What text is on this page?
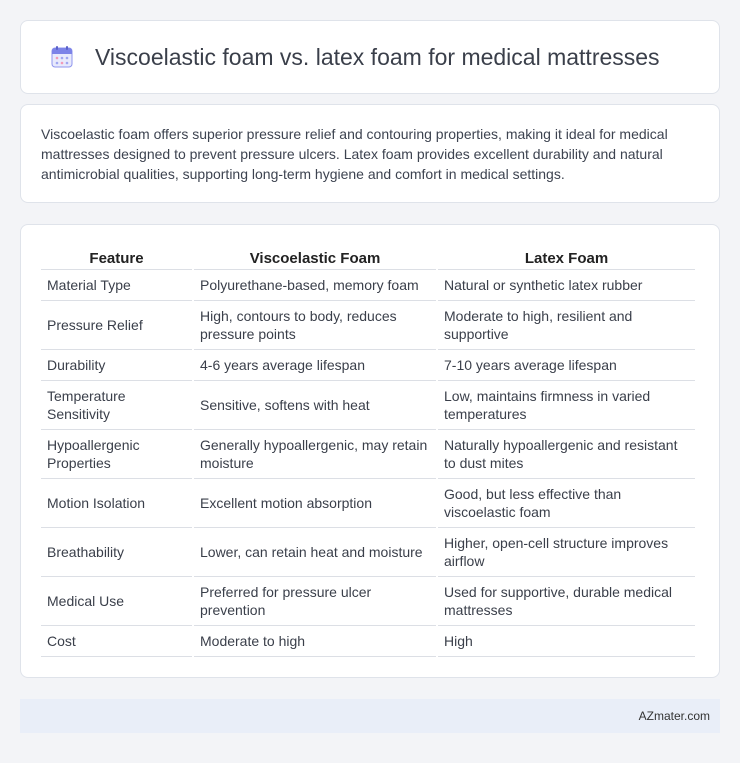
Viscoelastic foam vs. latex foam for medical mattresses

Viscoelastic foam offers superior pressure relief and contouring properties, making it ideal for medical mattresses designed to prevent pressure ulcers. Latex foam provides excellent durability and natural antimicrobial qualities, supporting long-term hygiene and comfort in medical settings.

Feature	Viscoelastic Foam	Latex Foam
Material Type	Polyurethane-based, memory foam	Natural or synthetic latex rubber
Pressure Relief	High, contours to body, reduces pressure points	Moderate to high, resilient and supportive
Durability	4-6 years average lifespan	7-10 years average lifespan
Temperature Sensitivity	Sensitive, softens with heat	Low, maintains firmness in varied temperatures
Hypoallergenic Properties	Generally hypoallergenic, may retain moisture	Naturally hypoallergenic and resistant to dust mites
Motion Isolation	Excellent motion absorption	Good, but less effective than viscoelastic foam
Breathability	Lower, can retain heat and moisture	Higher, open-cell structure improves airflow
Medical Use	Preferred for pressure ulcer prevention	Used for supportive, durable medical mattresses
Cost	Moderate to high	High
AZmater.com
